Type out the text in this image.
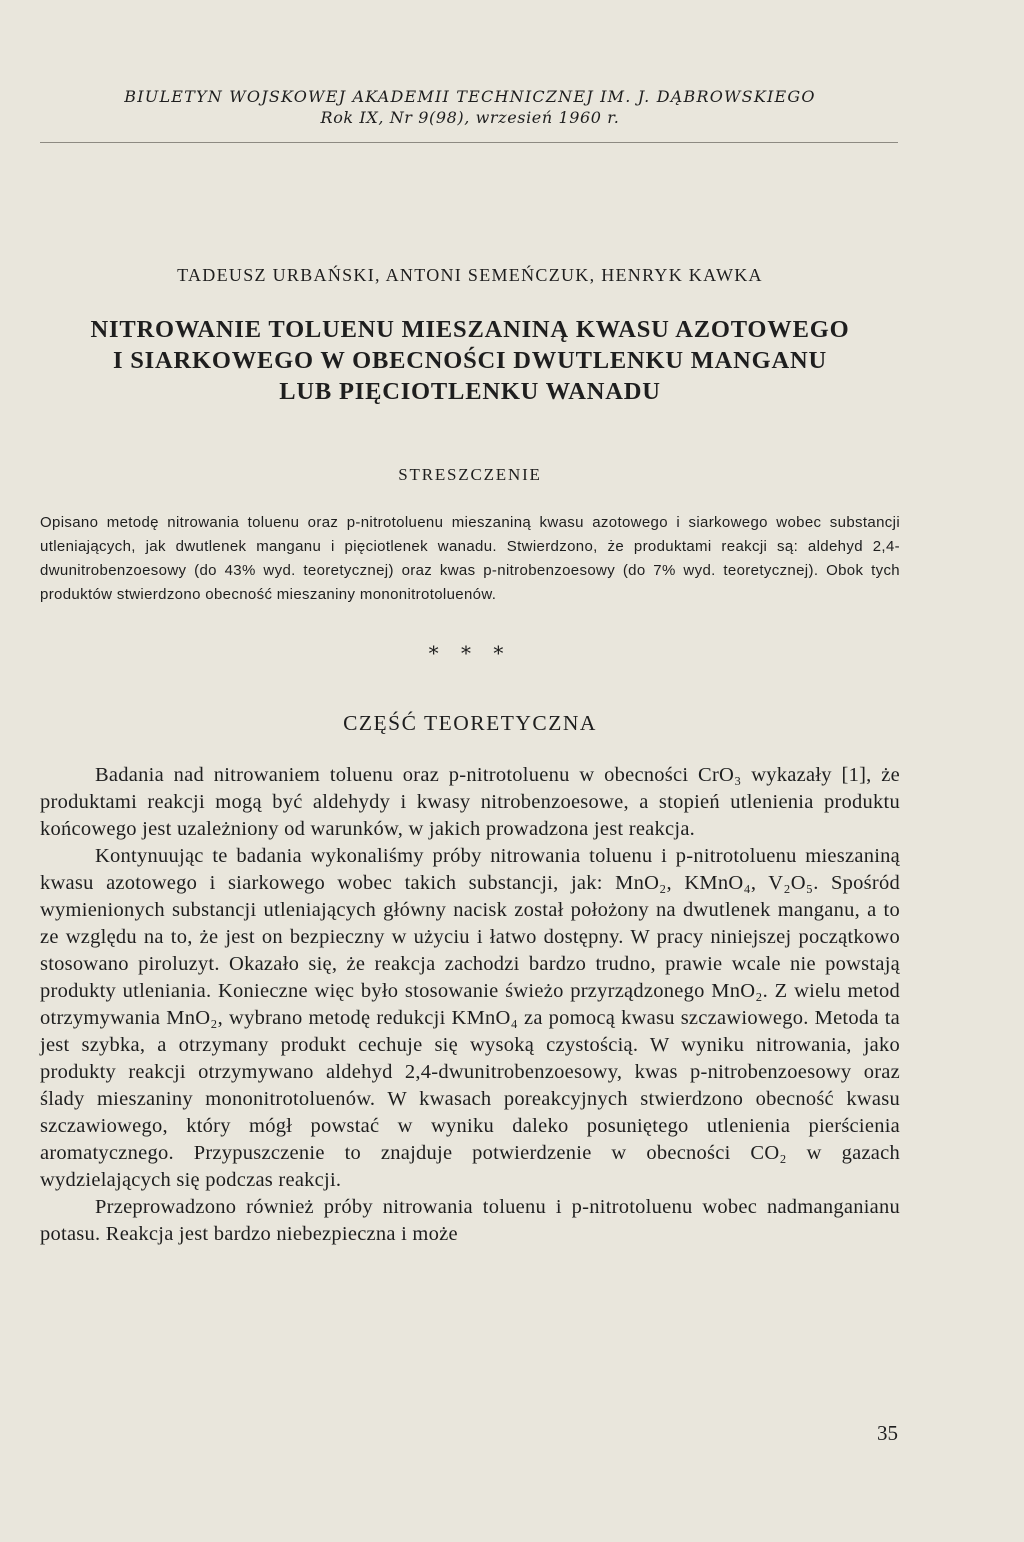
BIULETYN WOJSKOWEJ AKADEMII TECHNICZNEJ IM. J. DĄBROWSKIEGO
Rok IX, Nr 9(98), wrzesień 1960 r.
TADEUSZ URBAŃSKI, ANTONI SEMEŃCZUK, HENRYK KAWKA
NITROWANIE TOLUENU MIESZANINĄ KWASU AZOTOWEGO
I SIARKOWEGO W OBECNOŚCI DWUTLENKU MANGANU
LUB PIĘCIOTLENKU WANADU
STRESZCZENIE
Opisano metodę nitrowania toluenu oraz p-nitrotoluenu mieszaniną kwasu azotowego i siarkowego wobec substancji utleniających, jak dwutlenek manganu i pięciotlenek wanadu. Stwierdzono, że produktami reakcji są: aldehyd 2,4-dwunitrobenzoesowy (do 43% wyd. teoretycznej) oraz kwas p-nitrobenzoesowy (do 7% wyd. teoretycznej). Obok tych produktów stwierdzono obecność mieszaniny mononitrotoluenów.
* * *
CZĘŚĆ TEORETYCZNA

Badania nad nitrowaniem toluenu oraz p-nitrotoluenu w obecności CrO₃ wykazały [1], że produktami reakcji mogą być aldehydy i kwasy nitrobenzoesowe, a stopień utlenienia produktu końcowego jest uzależniony od warunków, w jakich prowadzona jest reakcja.

Kontynuując te badania wykonaliśmy próby nitrowania toluenu i p-nitrotoluenu mieszaniną kwasu azotowego i siarkowego wobec takich substancji, jak: MnO₂, KMnO₄, V₂O₅. Spośród wymienionych substancji utleniających główny nacisk został położony na dwutlenek manganu, a to ze względu na to, że jest on bezpieczny w użyciu i łatwo dostępny. W pracy niniejszej początkowo stosowano piroluzyt. Okazało się, że reakcja zachodzi bardzo trudno, prawie wcale nie powstają produkty utleniania. Konieczne więc było stosowanie świeżo przyrządzonego MnO₂. Z wielu metod otrzymywania MnO₂, wybrano metodę redukcji KMnO₄ za pomocą kwasu szczawiowego. Metoda ta jest szybka, a otrzymany produkt cechuje się wysoką czystością. W wyniku nitrowania, jako produkty reakcji otrzymywano aldehyd 2,4-dwunitrobenzoesowy, kwas p-nitrobenzoesowy oraz ślady mieszaniny mononitrotoluenów. W kwasach poreakcyjnych stwierdzono obecność kwasu szczawiowego, który mógł powstać w wyniku daleko posuniętego utlenienia pierścienia aromatycznego. Przypuszczenie to znajduje potwierdzenie w obecności CO₂ w gazach wydzielających się podczas reakcji.

Przeprowadzono również próby nitrowania toluenu i p-nitrotoluenu wobec nadmanganianu potasu. Reakcja jest bardzo niebezpieczna i może

35
